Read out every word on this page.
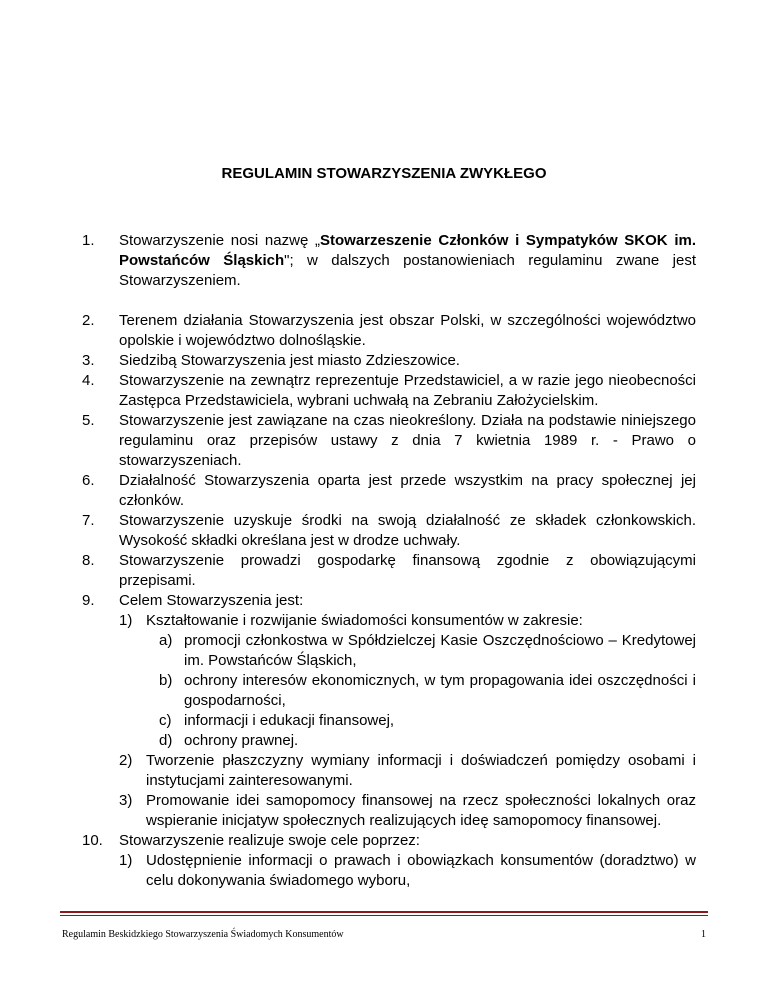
REGULAMIN STOWARZYSZENIA ZWYKŁEGO
1.	Stowarzyszenie nosi nazwę „Stowarzeszenie Członków i Sympatyków SKOK im. Powstańców Śląskich"; w dalszych postanowieniach regulaminu zwane jest Stowarzyszeniem.
2.	Terenem działania Stowarzyszenia jest obszar Polski, w szczególności województwo opolskie i województwo dolnośląskie.
3.	Siedzibą Stowarzyszenia jest miasto Zdzieszowice.
4.	Stowarzyszenie na zewnątrz reprezentuje Przedstawiciel, a w razie jego nieobecności Zastępca Przedstawiciela, wybrani uchwałą na Zebraniu Założycielskim.
5.	Stowarzyszenie jest zawiązane na czas nieokreślony. Działa na podstawie niniejszego regulaminu oraz przepisów ustawy z dnia 7 kwietnia 1989 r. - Prawo o stowarzyszeniach.
6.	Działalność Stowarzyszenia oparta jest przede wszystkim na pracy społecznej jej członków.
7.	Stowarzyszenie uzyskuje środki na swoją działalność ze składek członkowskich. Wysokość składki określana jest w drodze uchwały.
8.	Stowarzyszenie prowadzi gospodarkę finansową zgodnie z obowiązującymi przepisami.
9.	Celem Stowarzyszenia jest:
1) Kształtowanie i rozwijanie świadomości konsumentów w zakresie:
a) promocji członkostwa w Spółdzielczej Kasie Oszczędnościowo – Kredytowej im. Powstańców Śląskich,
b) ochrony interesów ekonomicznych, w tym propagowania idei oszczędności i gospodarności,
c) informacji i edukacji finansowej,
d) ochrony prawnej.
2) Tworzenie płaszczyzny wymiany informacji i doświadczeń pomiędzy osobami i instytucjami zainteresowanymi.
3) Promowanie idei samopomocy finansowej na rzecz społeczności lokalnych oraz wspieranie inicjatyw społecznych realizujących ideę samopomocy finansowej.
10.	Stowarzyszenie realizuje swoje cele poprzez:
1) Udostępnienie informacji o prawach i obowiązkach konsumentów (doradztwo) w celu dokonywania świadomego wyboru,
Regulamin Beskidzkiego Stowarzyszenia Świadomych Konsumentów	1
